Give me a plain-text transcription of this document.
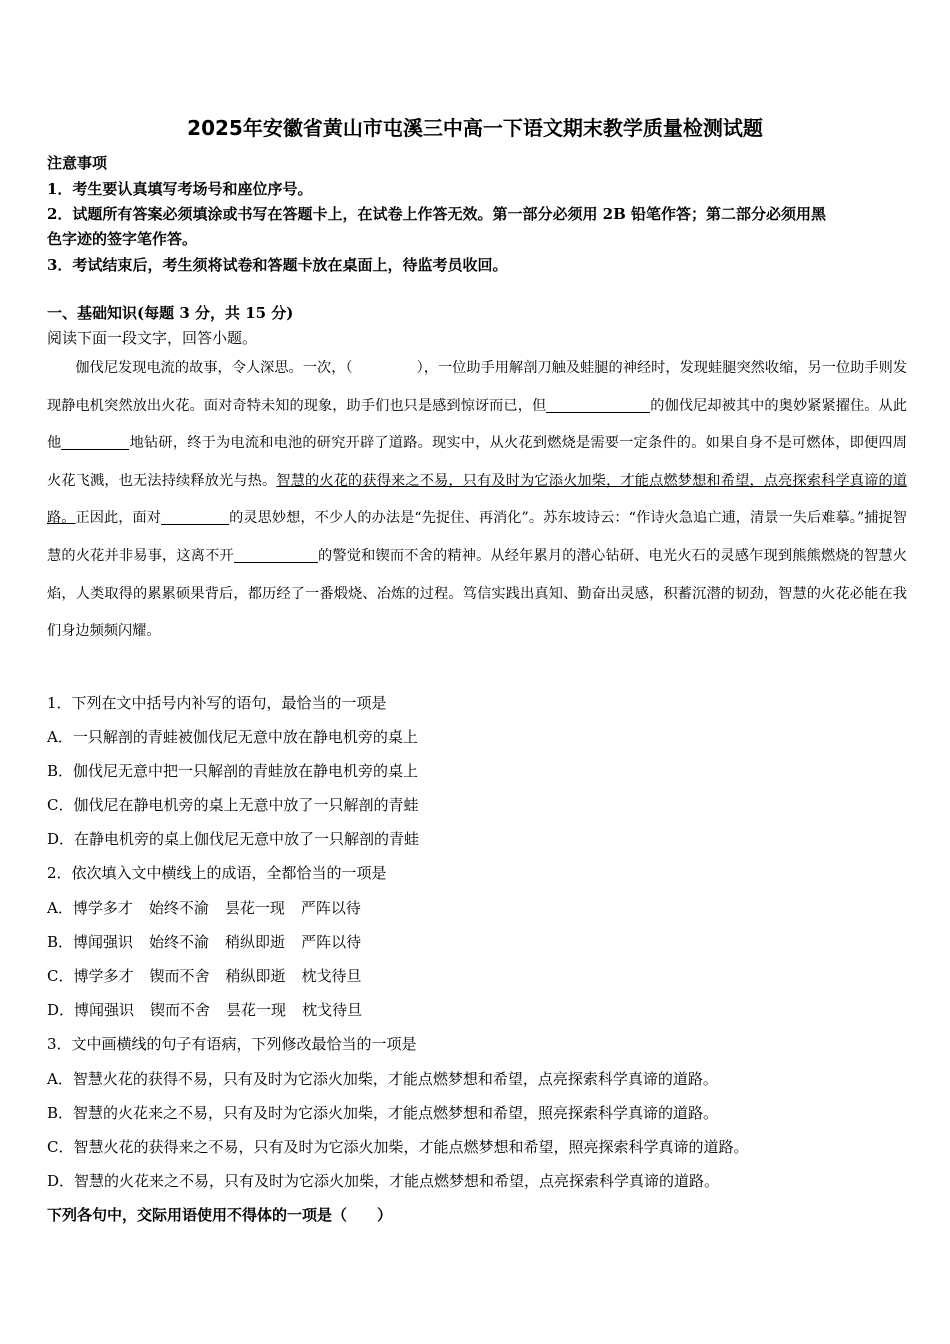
2025年安徽省黄山市屯溪三中高一下语文期末教学质量检测试题
注意事项
1．考生要认真填写考场号和座位序号。
2．试题所有答案必须填涂或书写在答题卡上，在试卷上作答无效。第一部分必须用 2B 铅笔作答；第二部分必须用黑
色字迹的签字笔作答。
3．考试结束后，考生须将试卷和答题卡放在桌面上，待监考员收回。
一、基础知识(每题 3 分，共 15 分)
阅读下面一段文字，回答小题。

伽伐尼发现电流的故事，令人深思。一次，（	），一位助手用解剖刀触及蛙腿的神经时，发现蛙腿突然收缩，另一位助手则发现静电机突然放出火花。面对奇特未知的现象，助手们也只是感到惊讶而已，但	的伽伐尼却被其中的奥妙紧紧擢住。从此他	地钻研，终于为电流和电池的研究开辟了道路。现实中，从火花到燃烧是需要一定条件的。如果自身不是可燃体，即便四周火花飞溅，也无法持续释放光与热。智慧的火花的获得来之不易，只有及时为它添火加柴，才能点燃梦想和希望，点亮探索科学真谛的道路。正因此，面对	的灵思妙想，不少人的办法是“先捉住、再消化”。苏东坡诗云：“作诗火急追亡逋，清景一失后难摹。”捕捉智慧的火花并非易事，这离不开	的警觉和锲而不舍的精神。从经年累月的潜心钻研、电光火石的灵感乍现到熊熊燃烧的智慧火焰，人类取得的累累硕果背后，都历经了一番煅烧、冶炼的过程。笃信实践出真知、勤奋出灵感，积蓄沉潜的韧劲，智慧的火花必能在我们身边频频闪耀。

1．下列在文中括号内补写的语句，最恰当的一项是
A．一只解剖的青蛙被伽伐尼无意中放在静电机旁的桌上
B．伽伐尼无意中把一只解剖的青蛙放在静电机旁的桌上
C．伽伐尼在静电机旁的桌上无意中放了一只解剖的青蛙
D．在静电机旁的桌上伽伐尼无意中放了一只解剖的青蛙
2．依次填入文中横线上的成语，全都恰当的一项是
A．博学多才 始终不渝 昙花一现 严阵以待
B．博闻强识 始终不渝 稍纵即逝 严阵以待
C．博学多才 锲而不舍 稍纵即逝 枕戈待旦
D．博闻强识 锲而不舍 昙花一现 枕戈待旦
3．文中画横线的句子有语病，下列修改最恰当的一项是
A．智慧火花的获得不易，只有及时为它添火加柴，才能点燃梦想和希望，点亮探索科学真谛的道路。
B．智慧的火花来之不易，只有及时为它添火加柴，才能点燃梦想和希望，照亮探索科学真谛的道路。
C．智慧火花的获得来之不易，只有及时为它添火加柴，才能点燃梦想和希望，照亮探索科学真谛的道路。
D．智慧的火花来之不易，只有及时为它添火加柴，才能点燃梦想和希望，点亮探索科学真谛的道路。
下列各句中，交际用语使用不得体的一项是（　　）
